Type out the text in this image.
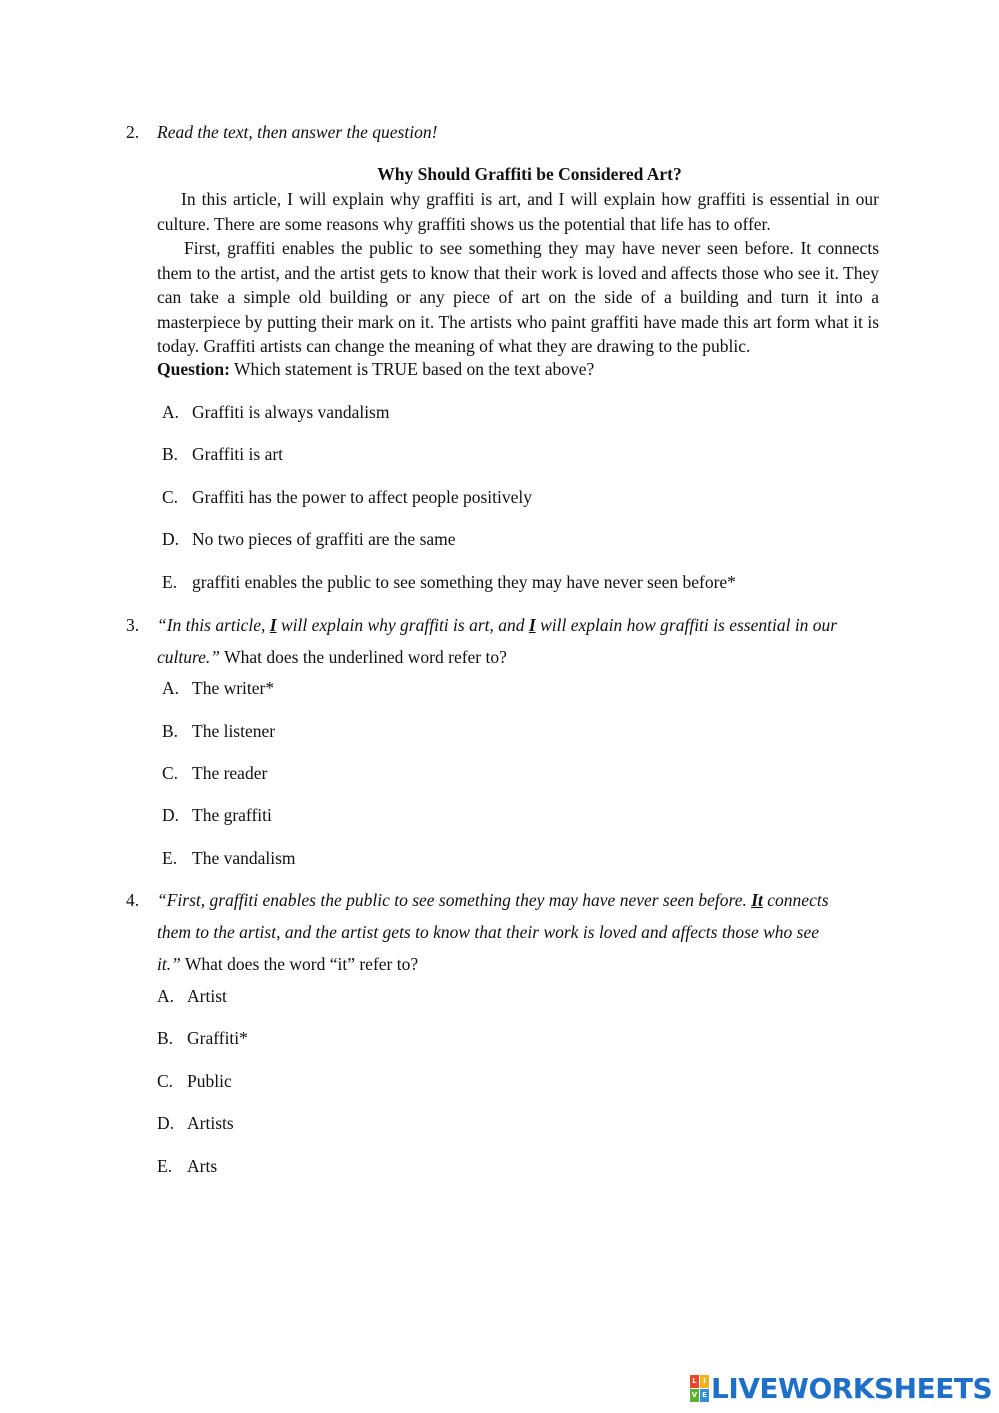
2. Read the text, then answer the question!
Why Should Graffiti be Considered Art?
In this article, I will explain why graffiti is art, and I will explain how graffiti is essential in our culture. There are some reasons why graffiti shows us the potential that life has to offer.
First, graffiti enables the public to see something they may have never seen before. It connects them to the artist, and the artist gets to know that their work is loved and affects those who see it. They can take a simple old building or any piece of art on the side of a building and turn it into a masterpiece by putting their mark on it. The artists who paint graffiti have made this art form what it is today. Graffiti artists can change the meaning of what they are drawing to the public.
Question: Which statement is TRUE based on the text above?
A. Graffiti is always vandalism
B. Graffiti is art
C. Graffiti has the power to affect people positively
D. No two pieces of graffiti are the same
E. graffiti enables the public to see something they may have never seen before*
3. “In this article, I will explain why graffiti is art, and I will explain how graffiti is essential in our
culture.” What does the underlined word refer to?
A. The writer*
B. The listener
C. The reader
D. The graffiti
E. The vandalism
4. “First, graffiti enables the public to see something they may have never seen before. It connects
them to the artist, and the artist gets to know that their work is loved and affects those who see
it.” What does the word “it” refer to?
A. Artist
B. Graffiti*
C. Public
D. Artists
E. Arts
L I
V E LIVEWORKSHEETS
